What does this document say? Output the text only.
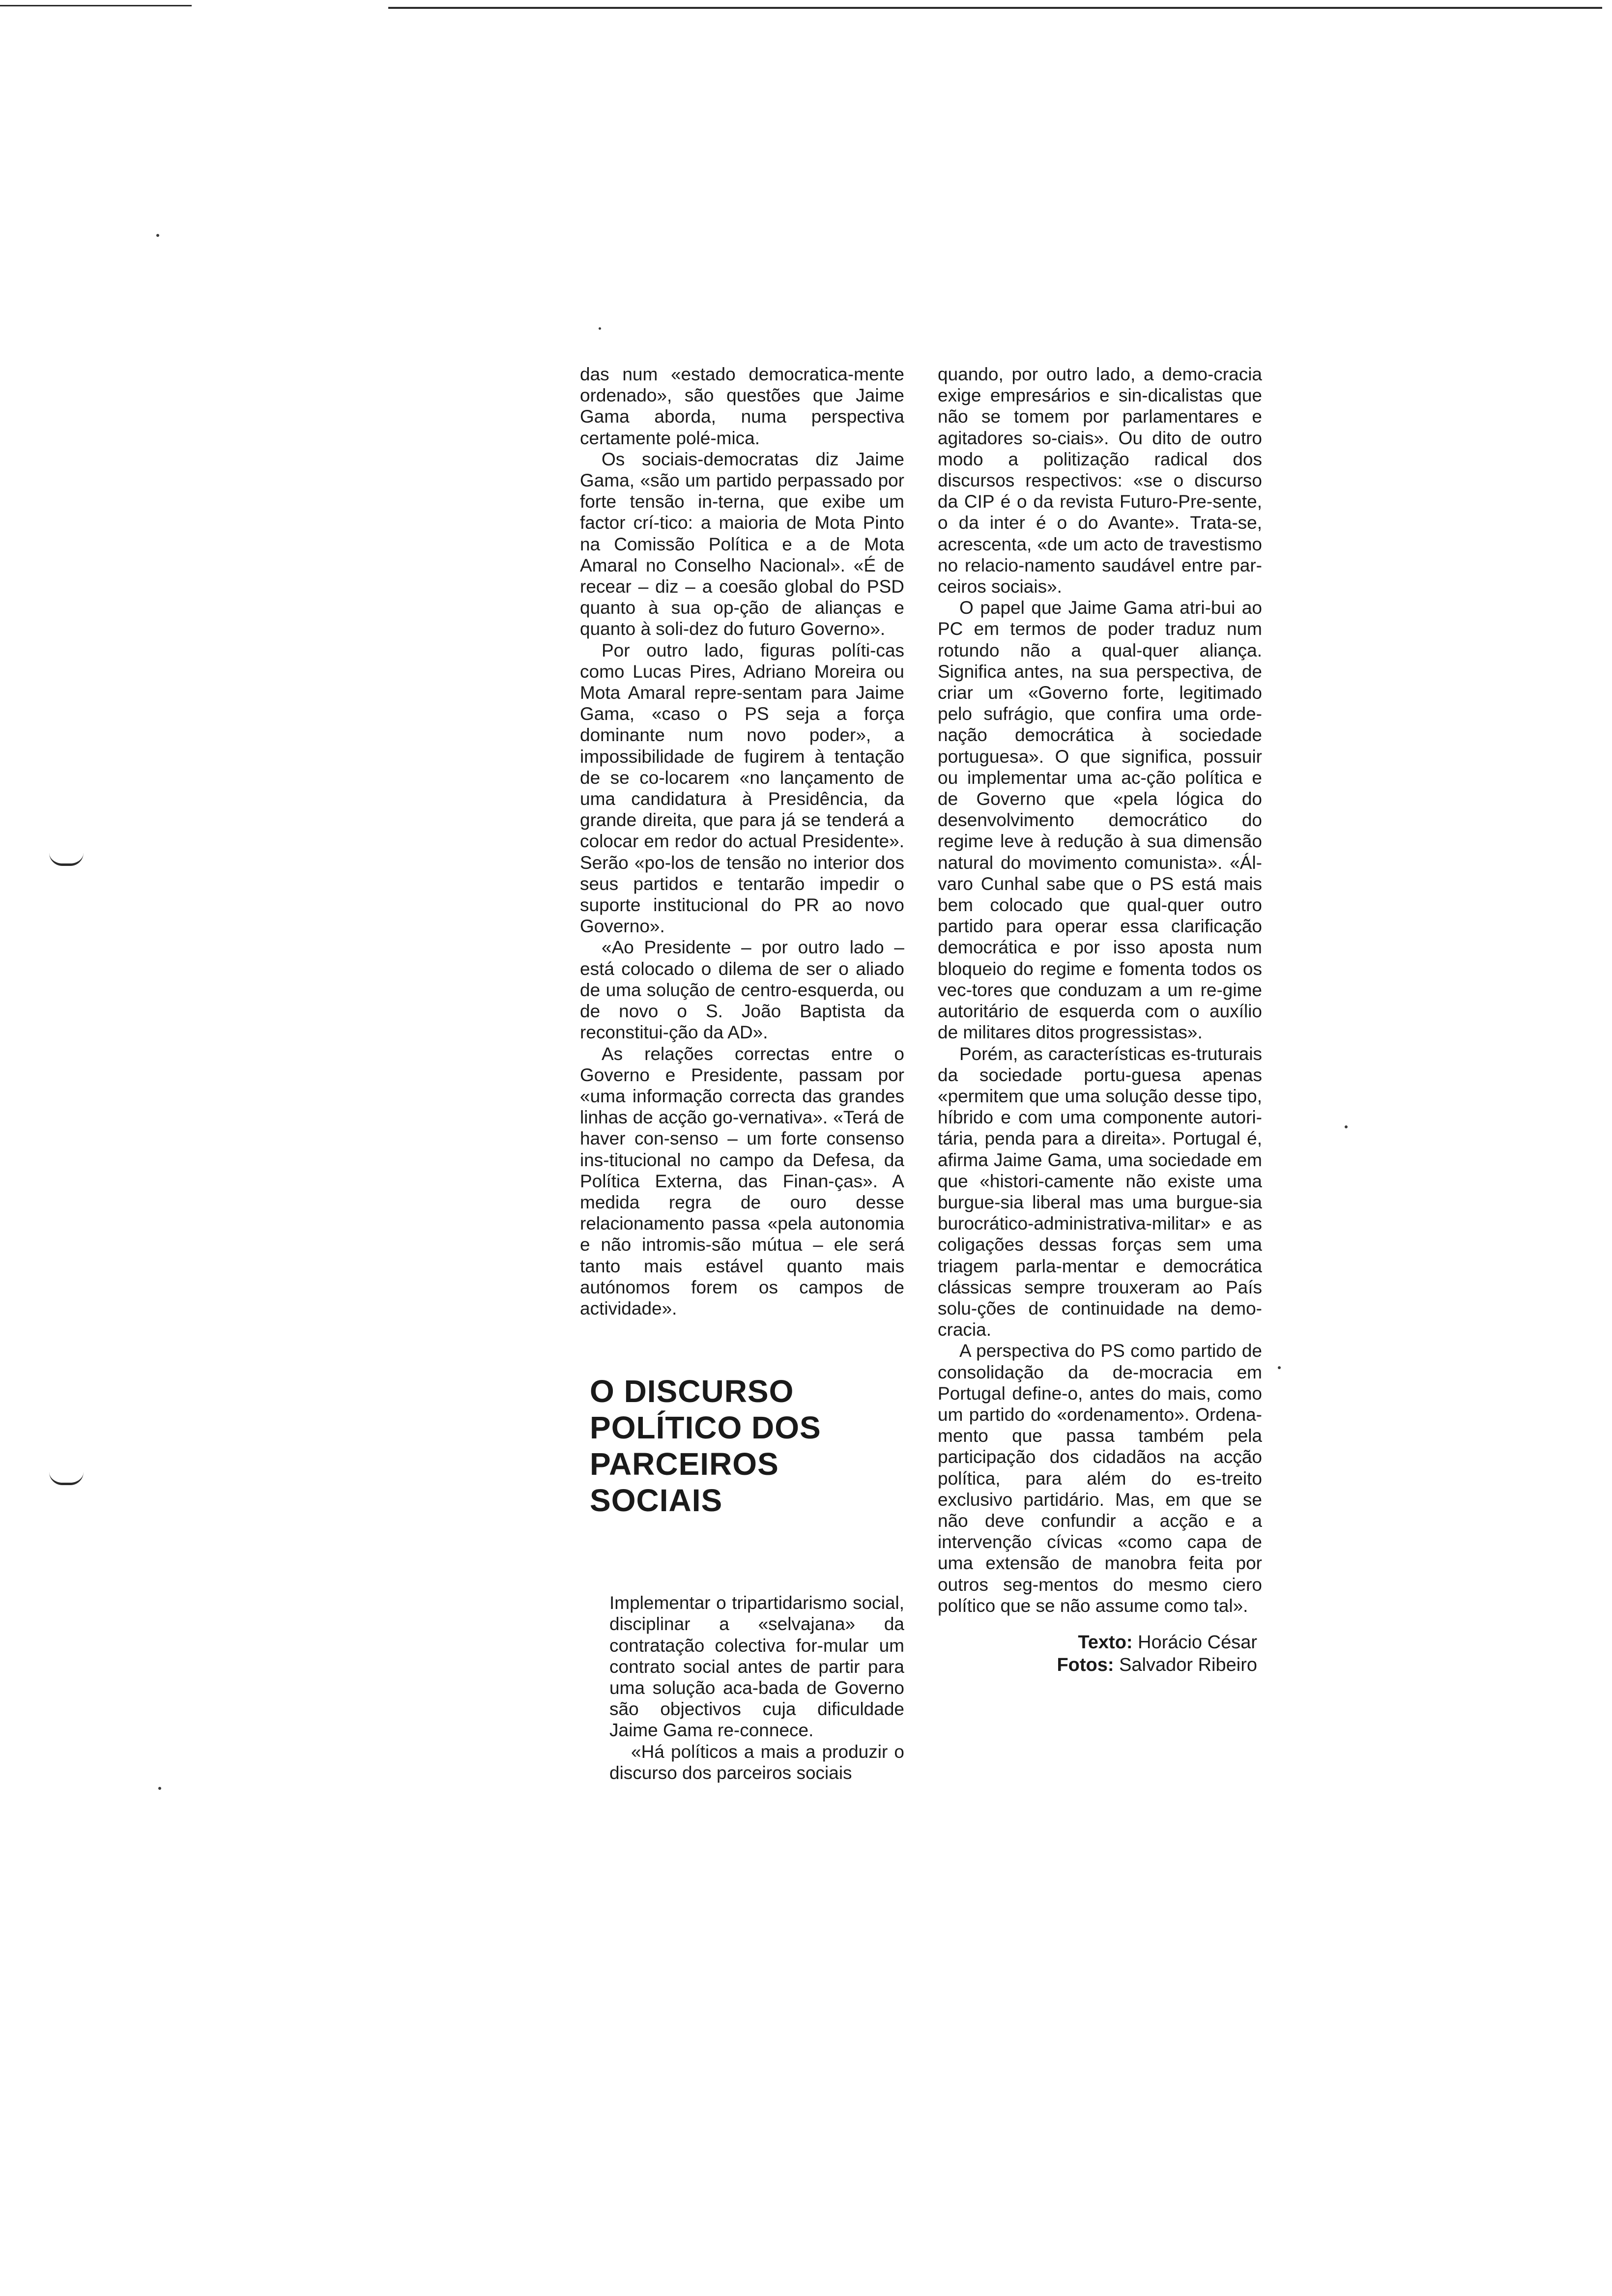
das num «estado democratica-mente ordenado», são questões que Jaime Gama aborda, numa perspectiva certamente polé-mica.

Os sociais-democratas diz Jaime Gama, «são um partido perpassado por forte tensão in-terna, que exibe um factor crí-tico: a maioria de Mota Pinto na Comissão Política e a de Mota Amaral no Conselho Nacional». «É de recear – diz – a coesão global do PSD quanto à sua op-ção de alianças e quanto à soli-dez do futuro Governo».

Por outro lado, figuras políti-cas como Lucas Pires, Adriano Moreira ou Mota Amaral repre-sentam para Jaime Gama, «caso o PS seja a força dominante num novo poder», a impossibilidade de fugirem à tentação de se co-locarem «no lançamento de uma candidatura à Presidência, da grande direita, que para já se tenderá a colocar em redor do actual Presidente». Serão «po-los de tensão no interior dos seus partidos e tentarão impedir o suporte institucional do PR ao novo Governo».

«Ao Presidente – por outro lado – está colocado o dilema de ser o aliado de uma solução de centro-esquerda, ou de novo o S. João Baptista da reconstitui-ção da AD».

As relações correctas entre o Governo e Presidente, passam por «uma informação correcta das grandes linhas de acção go-vernativa». «Terá de haver con-senso – um forte consenso ins-titucional no campo da Defesa, da Política Externa, das Finan-ças». A medida regra de ouro desse relacionamento passa «pela autonomia e não intromis-são mútua – ele será tanto mais estável quanto mais autónomos forem os campos de actividade».

O DISCURSO
POLÍTICO DOS
PARCEIROS
SOCIAIS

Implementar o tripartidarismo social, disciplinar a «selvajana» da contratação colectiva for-mular um contrato social antes de partir para uma solução aca-bada de Governo são objectivos cuja dificuldade Jaime Gama re-connece.

«Há políticos a mais a produzir o discurso dos parceiros sociais

quando, por outro lado, a demo-cracia exige empresários e sin-dicalistas que não se tomem por parlamentares e agitadores so-ciais». Ou dito de outro modo a politização radical dos discursos respectivos: «se o discurso da CIP é o da revista Futuro-Pre-sente, o da inter é o do Avante». Trata-se, acrescenta, «de um acto de travestismo no relacio-namento saudável entre par-ceiros sociais».

O papel que Jaime Gama atri-bui ao PC em termos de poder traduz num rotundo não a qual-quer aliança. Significa antes, na sua perspectiva, de criar um «Governo forte, legitimado pelo sufrágio, que confira uma orde-nação democrática à sociedade portuguesa». O que significa, possuir ou implementar uma ac-ção política e de Governo que «pela lógica do desenvolvimento democrático do regime leve à redução à sua dimensão natural do movimento comunista». «Ál-varo Cunhal sabe que o PS está mais bem colocado que qual-quer outro partido para operar essa clarificação democrática e por isso aposta num bloqueio do regime e fomenta todos os vec-tores que conduzam a um re-gime autoritário de esquerda com o auxílio de militares ditos progressistas».

Porém, as características es-truturais da sociedade portu-guesa apenas «permitem que uma solução desse tipo, híbrido e com uma componente autori-tária, penda para a direita». Portugal é, afirma Jaime Gama, uma sociedade em que «histori-camente não existe uma burgue-sia liberal mas uma burgue-sia burocrático-administrativa-militar» e as coligações dessas forças sem uma triagem parla-mentar e democrática clássicas sempre trouxeram ao País solu-ções de continuidade na demo-cracia.

A perspectiva do PS como partido de consolidação da de-mocracia em Portugal define-o, antes do mais, como um partido do «ordenamento». Ordena-mento que passa também pela participação dos cidadãos na acção política, para além do es-treito exclusivo partidário. Mas, em que se não deve confundir a acção e a intervenção cívicas «como capa de uma extensão de manobra feita por outros seg-mentos do mesmo ciero político que se não assume como tal».

Texto: Horácio César
Fotos: Salvador Ribeiro
